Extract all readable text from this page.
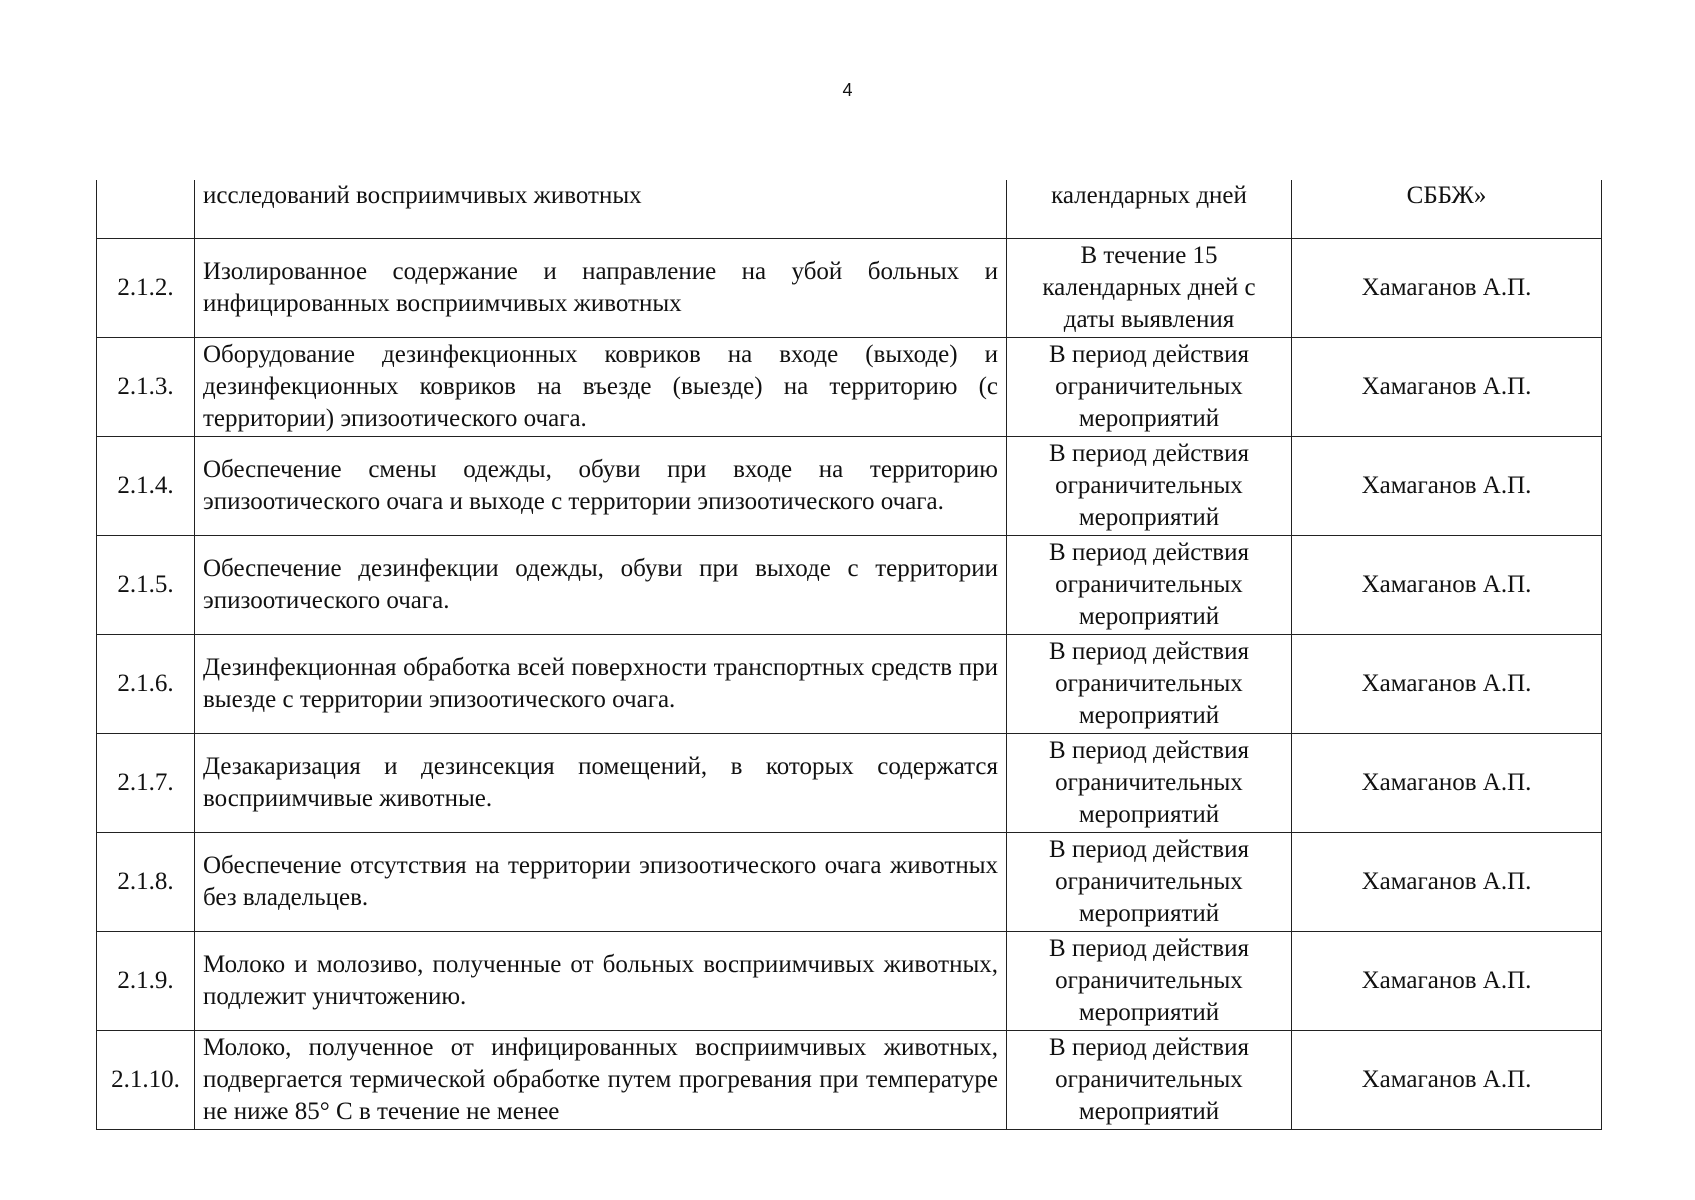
4
	исследований восприимчивых животных	календарных дней	СББЖ»
2.1.2.	Изолированное содержание и направление на убой больных и инфицированных восприимчивых животных	В течение 15 календарных дней с даты выявления	Хамаганов А.П.
2.1.3.	Оборудование дезинфекционных ковриков на входе (выходе) и дезинфекционных ковриков на въезде (выезде) на территорию (с территории) эпизоотического очага.	В период действия ограничительных мероприятий	Хамаганов А.П.
2.1.4.	Обеспечение смены одежды, обуви при входе на территорию эпизоотического очага и выходе с территории эпизоотического очага.	В период действия ограничительных мероприятий	Хамаганов А.П.
2.1.5.	Обеспечение дезинфекции одежды, обуви при выходе с территории эпизоотического очага.	В период действия ограничительных мероприятий	Хамаганов А.П.
2.1.6.	Дезинфекционная обработка всей поверхности транспортных средств при выезде с территории эпизоотического очага.	В период действия ограничительных мероприятий	Хамаганов А.П.
2.1.7.	Дезакаризация и дезинсекция помещений, в которых содержатся восприимчивые животные.	В период действия ограничительных мероприятий	Хамаганов А.П.
2.1.8.	Обеспечение отсутствия на территории эпизоотического очага животных без владельцев.	В период действия ограничительных мероприятий	Хамаганов А.П.
2.1.9.	Молоко и молозиво, полученные от больных восприимчивых животных, подлежит уничтожению.	В период действия ограничительных мероприятий	Хамаганов А.П.
2.1.10.	Молоко, полученное от инфицированных восприимчивых животных, подвергается термической обработке путем прогревания при температуре не ниже 85° С в течение не менее	В период действия ограничительных мероприятий	Хамаганов А.П.
